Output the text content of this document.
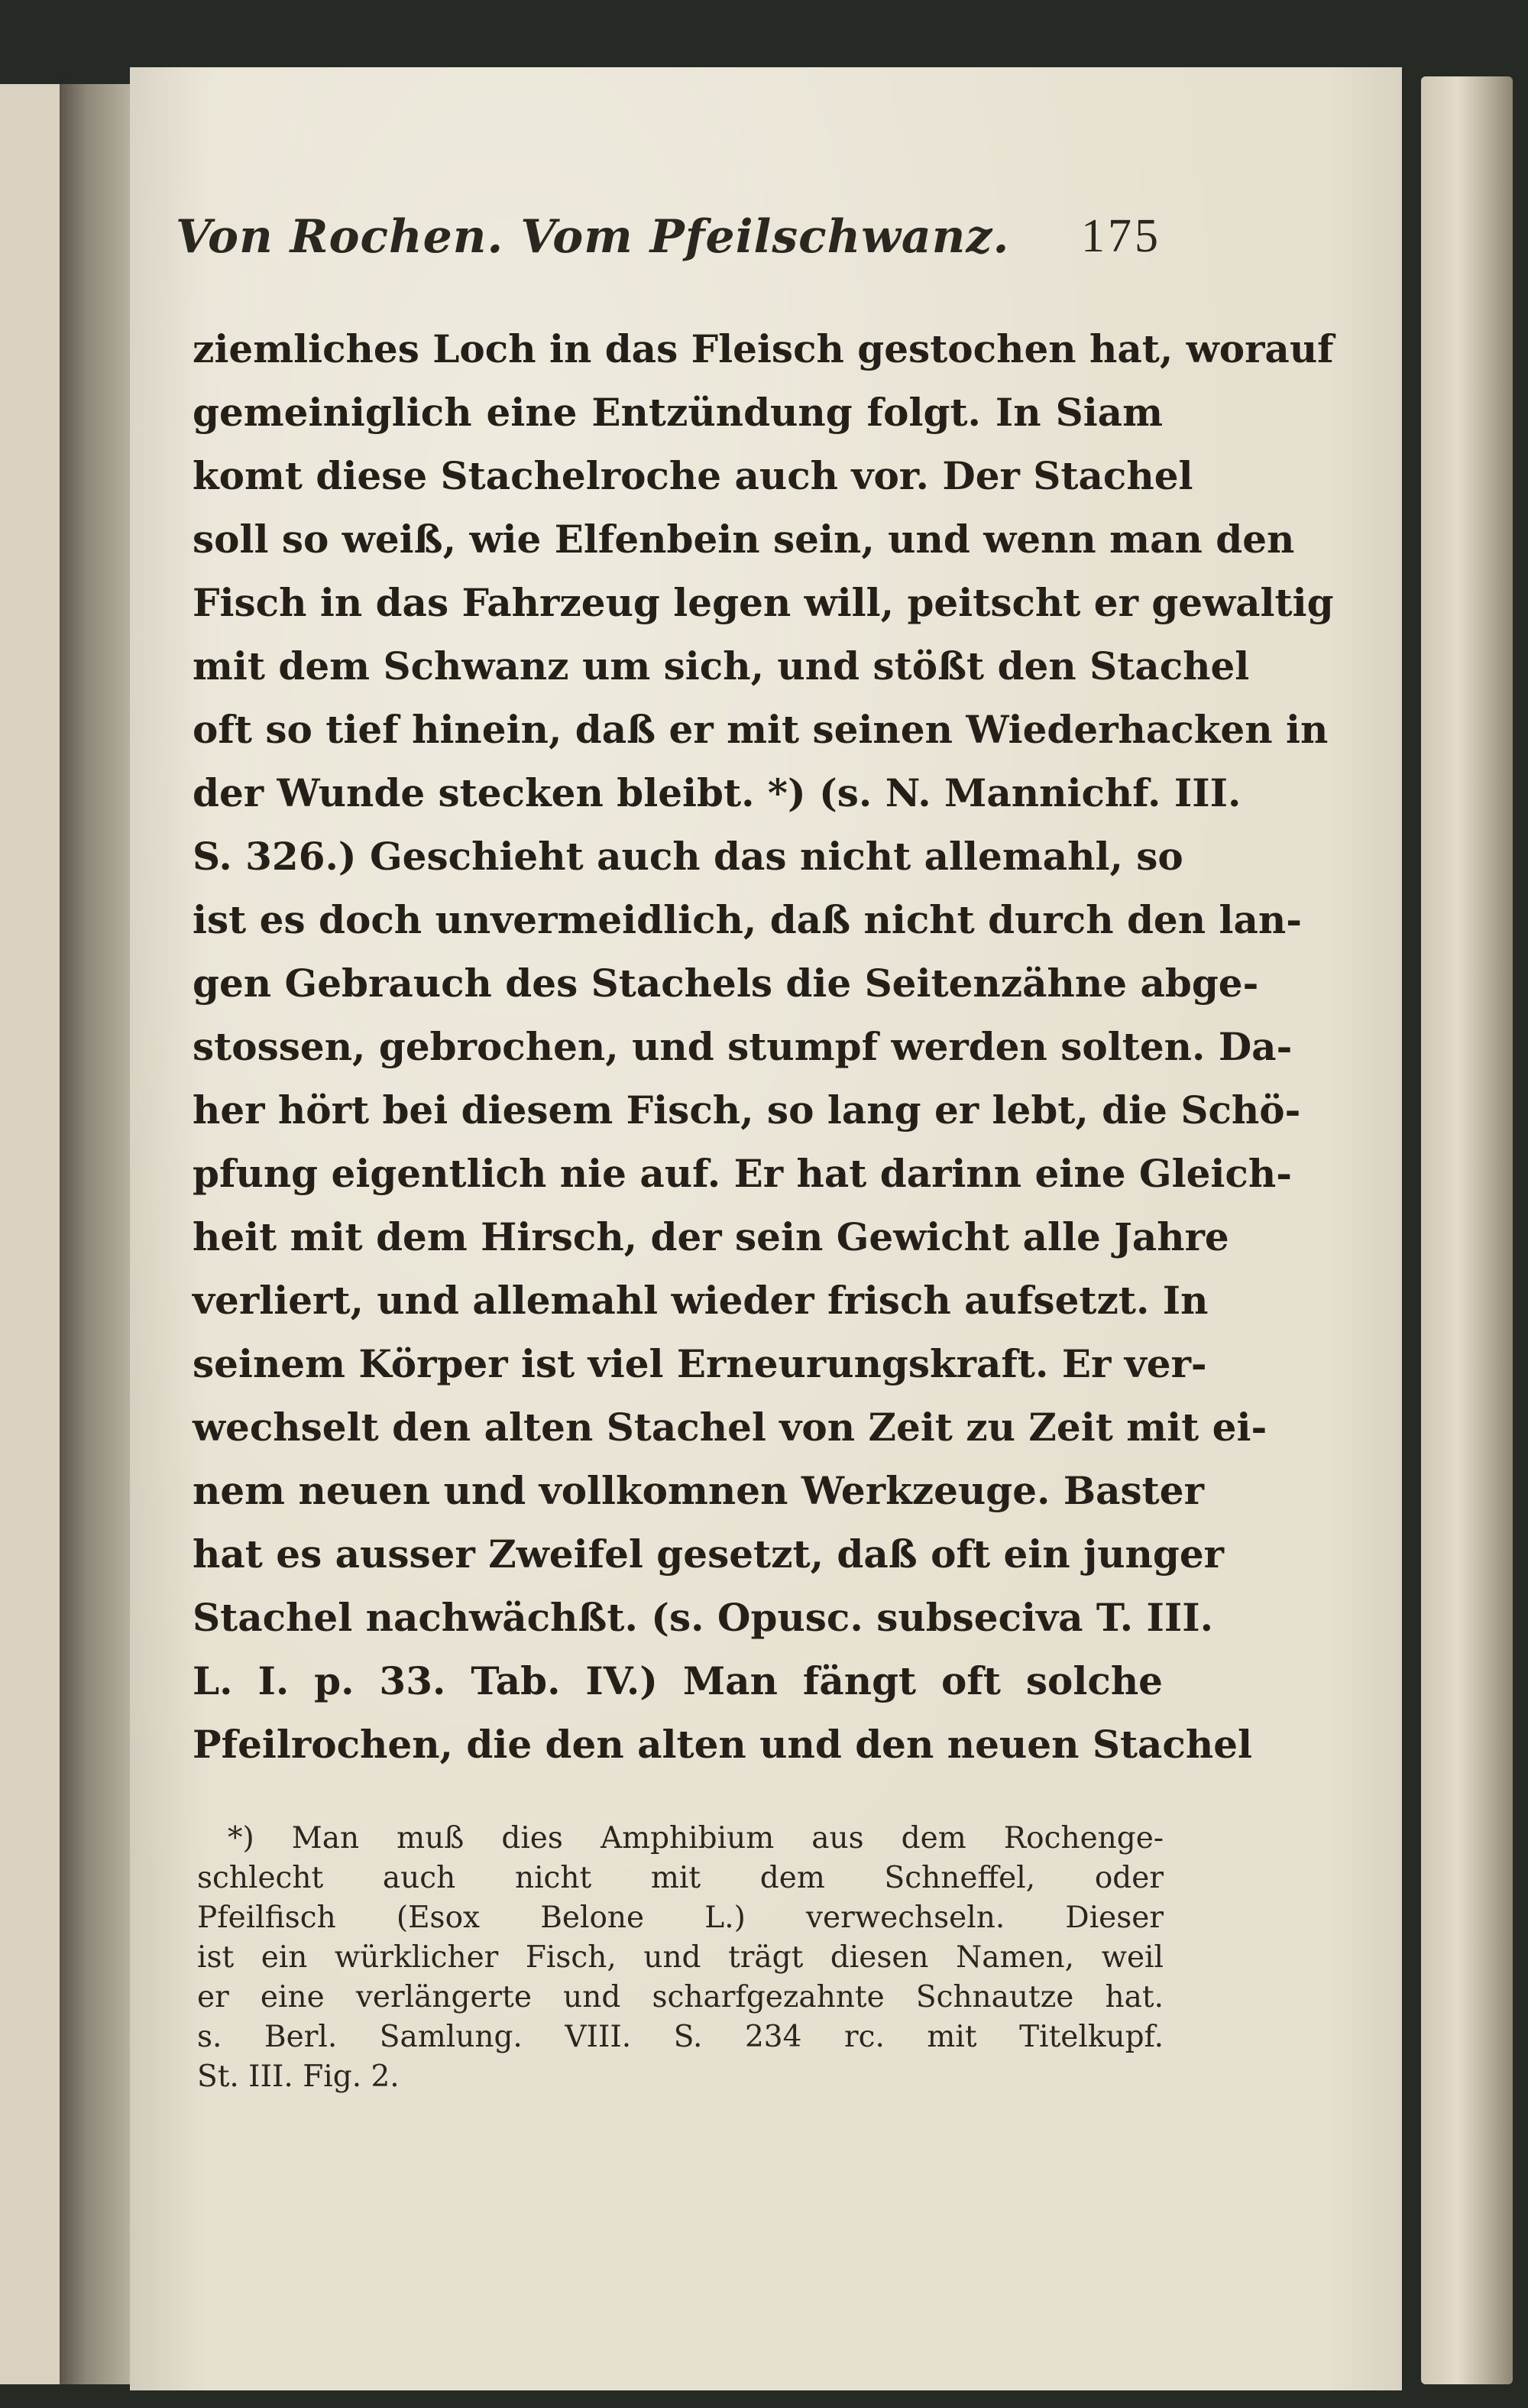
Von Rochen. Vom Pfeilschwanz. 175
ziemliches Loch in das Fleisch gestochen hat, worauf
gemeiniglich eine Entzündung folgt. In Siam
komt diese Stachelroche auch vor. Der Stachel
soll so weiß, wie Elfenbein sein, und wenn man den
Fisch in das Fahrzeug legen will, peitscht er gewaltig
mit dem Schwanz um sich, und stößt den Stachel
oft so tief hinein, daß er mit seinen Wiederhacken in
der Wunde stecken bleibt. *) (s. N. Mannichf. III.
S. 326.) Geschieht auch das nicht allemahl, so
ist es doch unvermeidlich, daß nicht durch den lan-
gen Gebrauch des Stachels die Seitenzähne abge-
stossen, gebrochen, und stumpf werden solten. Da-
her hört bei diesem Fisch, so lang er lebt, die Schö-
pfung eigentlich nie auf. Er hat darinn eine Gleich-
heit mit dem Hirsch, der sein Gewicht alle Jahre
verliert, und allemahl wieder frisch aufsetzt. In
seinem Körper ist viel Erneurungskraft. Er ver-
wechselt den alten Stachel von Zeit zu Zeit mit ei-
nem neuen und vollkomnen Werkzeuge. Baster
hat es ausser Zweifel gesetzt, daß oft ein junger
Stachel nachwächßt. (s. Opusc. subseciva T. III.
L. I. p. 33. Tab. IV.) Man fängt oft solche
Pfeilrochen, die den alten und den neuen Stachel
*) Man muß dies Amphibium aus dem Rochenge-
schlecht auch nicht mit dem Schneffel, oder
Pfeilfisch (Esox Belone L.) verwechseln. Dieser
ist ein würklicher Fisch, und trägt diesen Namen, weil
er eine verlängerte und scharfgezahnte Schnautze hat.
s. Berl. Samlung. VIII. S. 234 rc. mit Titelkupf.
St. III. Fig. 2.
